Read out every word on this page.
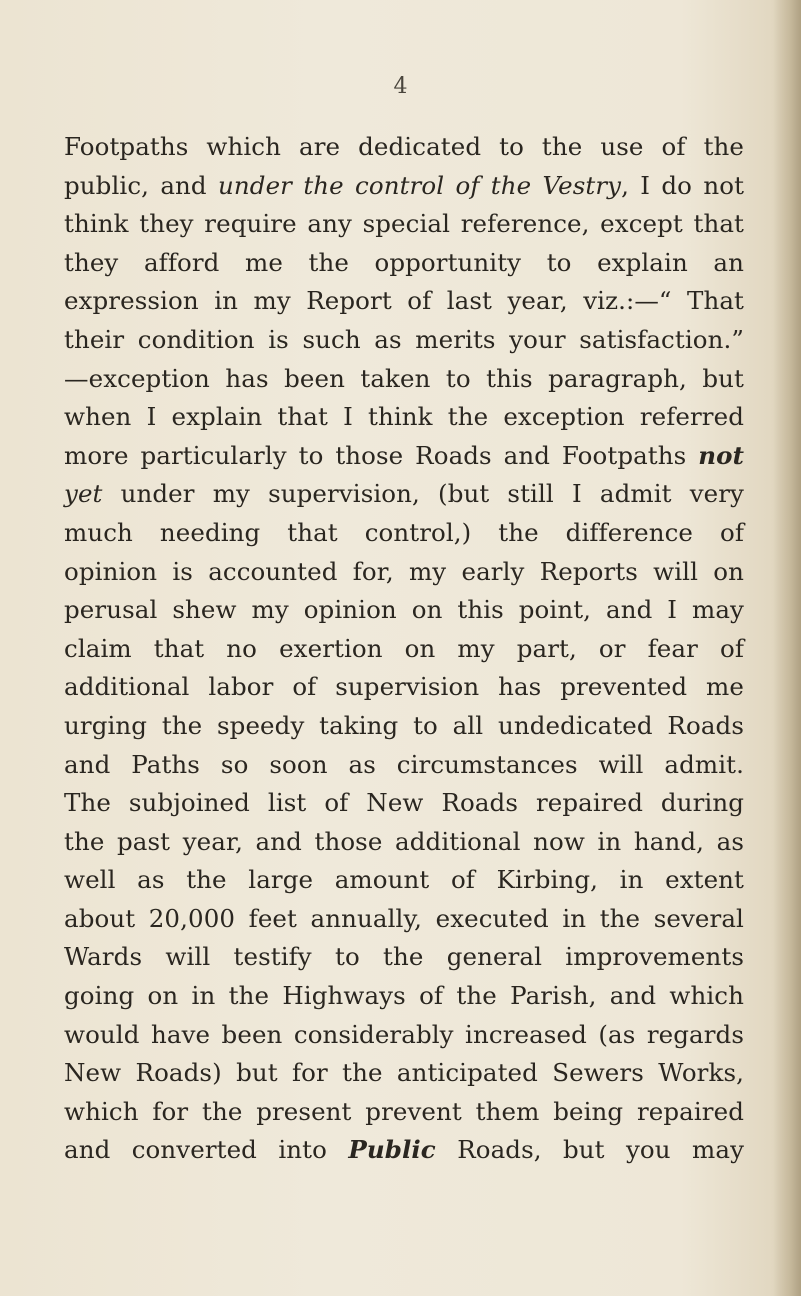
4
Footpaths which are dedicated to the use of the
public, and under the control of the Vestry, I do not
think they require any special reference, except that
they afford me the opportunity to explain an
expression in my Report of last year, viz.:—“ That
their condition is such as merits your satisfaction.”
—exception has been taken to this paragraph, but
when I explain that I think the exception referred
more particularly to those Roads and Footpaths not
yet under my supervision, (but still I admit very
much needing that control,) the difference of
opinion is accounted for, my early Reports will on
perusal shew my opinion on this point, and I may
claim that no exertion on my part, or fear of
additional labor of supervision has prevented me
urging the speedy taking to all undedicated Roads
and Paths so soon as circumstances will admit.
The subjoined list of New Roads repaired during
the past year, and those additional now in hand, as
well as the large amount of Kirbing, in extent
about 20,000 feet annually, executed in the several
Wards will testify to the general improvements
going on in the Highways of the Parish, and which
would have been considerably increased (as regards
New Roads) but for the anticipated Sewers Works,
which for the present prevent them being repaired
and converted into Public Roads, but you may
